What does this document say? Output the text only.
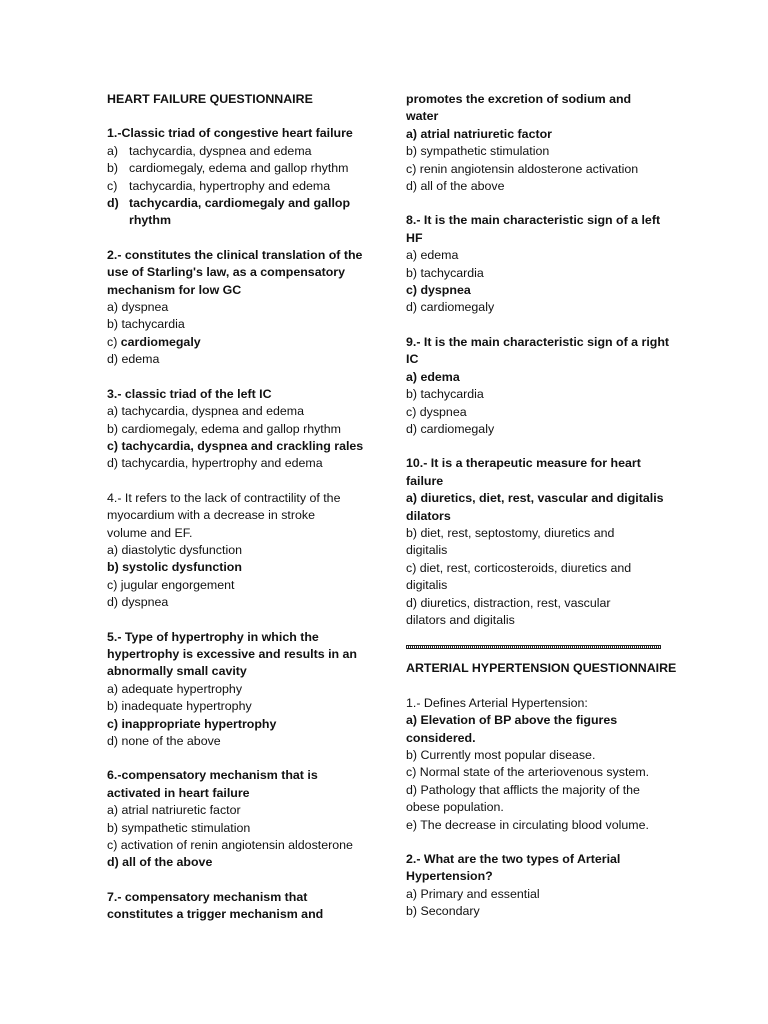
HEART FAILURE QUESTIONNAIRE
1.-Classic triad of congestive heart failure
a) tachycardia, dyspnea and edema
b) cardiomegaly, edema and gallop rhythm
c) tachycardia, hypertrophy and edema
d) tachycardia, cardiomegaly and gallop rhythm
2.- constitutes the clinical translation of the
use of Starling's law, as a compensatory
mechanism for low GC
a) dyspnea
b) tachycardia
c) cardiomegaly
d) edema
3.- classic triad of the left IC
a) tachycardia, dyspnea and edema
b) cardiomegaly, edema and gallop rhythm
c) tachycardia, dyspnea and crackling rales
d) tachycardia, hypertrophy and edema
4.- It refers to the lack of contractility of the
myocardium with a decrease in stroke
volume and EF.
a) diastolytic dysfunction
b) systolic dysfunction
c) jugular engorgement
d) dyspnea
5.- Type of hypertrophy in which the
hypertrophy is excessive and results in an
abnormally small cavity
a) adequate hypertrophy
b) inadequate hypertrophy
c) inappropriate hypertrophy
d) none of the above
6.-compensatory mechanism that is
activated in heart failure
a) atrial natriuretic factor
b) sympathetic stimulation
c) activation of renin angiotensin aldosterone
d) all of the above
7.- compensatory mechanism that
constitutes a trigger mechanism and
promotes the excretion of sodium and
water
a) atrial natriuretic factor
b) sympathetic stimulation
c) renin angiotensin aldosterone activation
d) all of the above
8.- It is the main characteristic sign of a left
HF
a) edema
b) tachycardia
c) dyspnea
d) cardiomegaly
9.- It is the main characteristic sign of a right
IC
a) edema
b) tachycardia
c) dyspnea
d) cardiomegaly
10.- It is a therapeutic measure for heart
failure
a) diuretics, diet, rest, vascular and digitalis
dilators
b) diet, rest, septostomy, diuretics and
digitalis
c) diet, rest, corticosteroids, diuretics and
digitalis
d) diuretics, distraction, rest, vascular
dilators and digitalis
ARTERIAL HYPERTENSION QUESTIONNAIRE
1.- Defines Arterial Hypertension:
a) Elevation of BP above the figures
considered.
b) Currently most popular disease.
c) Normal state of the arteriovenous system.
d) Pathology that afflicts the majority of the
obese population.
e) The decrease in circulating blood volume.
2.- What are the two types of Arterial
Hypertension?
a) Primary and essential
b) Secondary
